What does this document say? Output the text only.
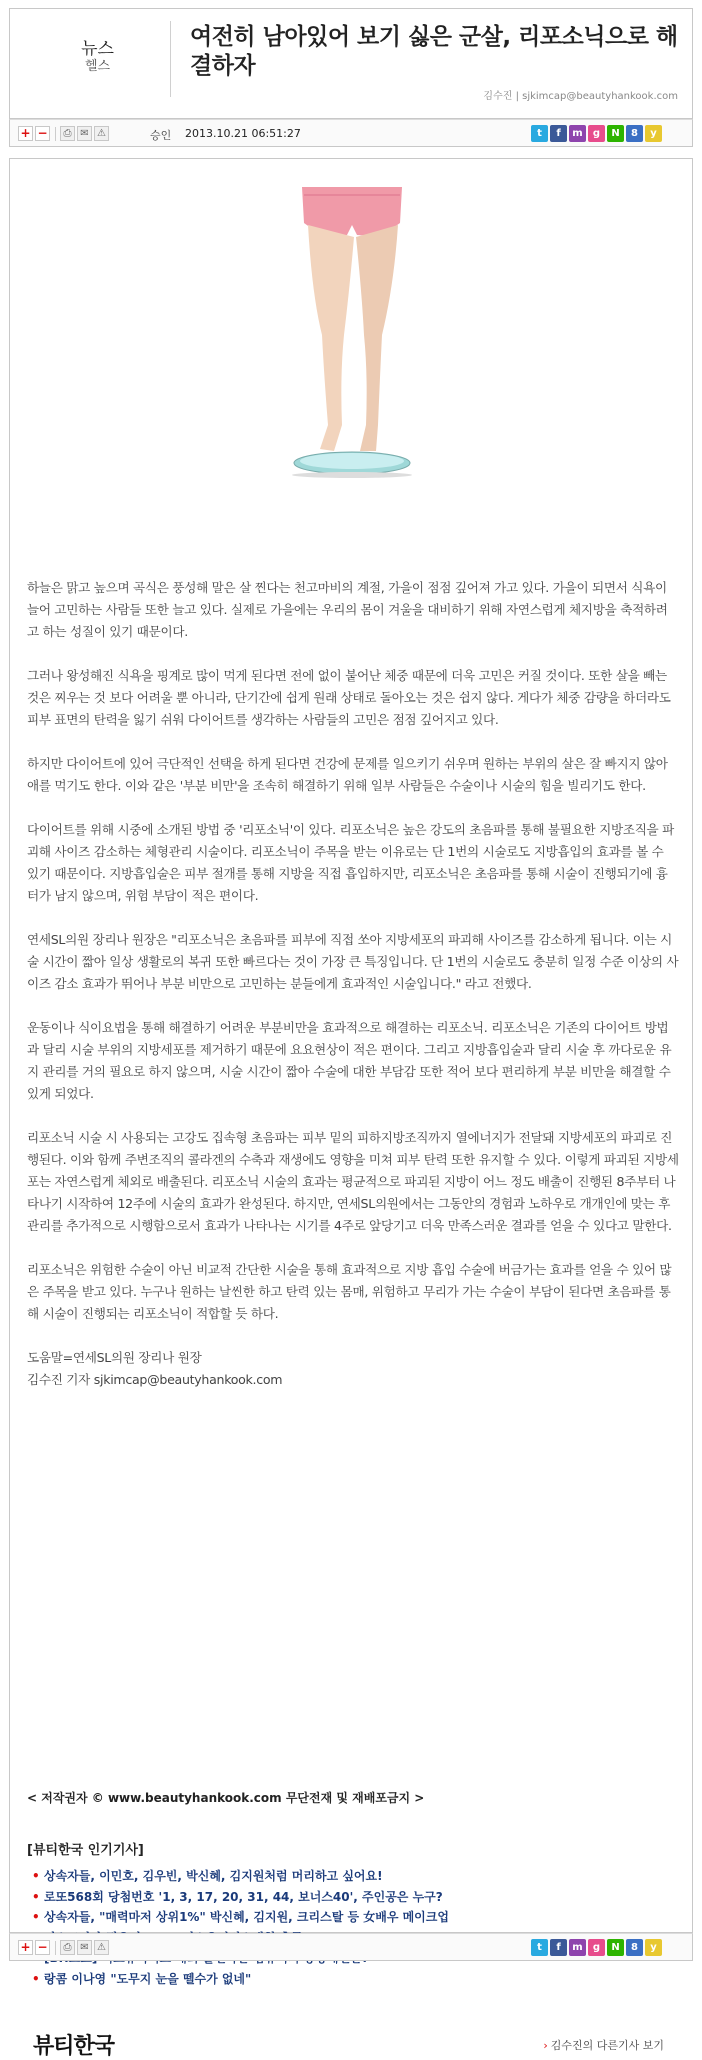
뉴스
헬스
여전히 남아있어 보기 싫은 군살, 리포소닉으로 해결하자
김수진 | sjkimcap@beautyhankook.com
+ −	⎙ ✉ ⚠	승인 2013.10.21 06:51:27	t	f	m	g	N	8	y

하늘은 맑고 높으며 곡식은 풍성해 말은 살 찐다는 천고마비의 계절, 가을이 점점 깊어져 가고 있다. 가을이 되면서 식욕이 늘어 고민하는 사람들 또한 늘고 있다. 실제로 가을에는 우리의 몸이 겨울을 대비하기 위해 자연스럽게 체지방을 축적하려고 하는 성질이 있기 때문이다.

그러나 왕성해진 식욕을 핑계로 많이 먹게 된다면 전에 없이 붙어난 체중 때문에 더욱 고민은 커질 것이다. 또한 살을 빼는 것은 찌우는 것 보다 어려울 뿐 아니라, 단기간에 쉽게 원래 상태로 돌아오는 것은 쉽지 않다. 게다가 체중 감량을 하더라도 피부 표면의 탄력을 잃기 쉬워 다이어트를 생각하는 사람들의 고민은 점점 깊어지고 있다.

하지만 다이어트에 있어 극단적인 선택을 하게 된다면 건강에 문제를 일으키기 쉬우며 원하는 부위의 살은 잘 빠지지 않아 애를 먹기도 한다. 이와 같은 '부분 비만'을 조속히 해결하기 위해 일부 사람들은 수술이나 시술의 힘을 빌리기도 한다.

다이어트를 위해 시중에 소개된 방법 중 '리포소닉'이 있다. 리포소닉은 높은 강도의 초음파를 통해 불필요한 지방조직을 파괴해 사이즈 감소하는 체형관리 시술이다. 리포소닉이 주목을 받는 이유로는 단 1번의 시술로도 지방흡입의 효과를 볼 수 있기 때문이다. 지방흡입술은 피부 절개를 통해 지방을 직접 흡입하지만, 리포소닉은 초음파를 통해 시술이 진행되기에 흉터가 남지 않으며, 위험 부담이 적은 편이다.

연세SL의원 장리나 원장은 "리포소닉은 초음파를 피부에 직접 쏘아 지방세포의 파괴해 사이즈를 감소하게 됩니다. 이는 시술 시간이 짧아 일상 생활로의 복귀 또한 빠르다는 것이 가장 큰 특징입니다. 단 1번의 시술로도 충분히 일정 수준 이상의 사이즈 감소 효과가 뛰어나 부분 비만으로 고민하는 분들에게 효과적인 시술입니다." 라고 전했다.

운동이나 식이요법을 통해 해결하기 어려운 부분비만을 효과적으로 해결하는 리포소닉. 리포소닉은 기존의 다이어트 방법과 달리 시술 부위의 지방세포를 제거하기 때문에 요요현상이 적은 편이다. 그리고 지방흡입술과 달리 시술 후 까다로운 유지 관리를 거의 필요로 하지 않으며, 시술 시간이 짧아 수술에 대한 부담감 또한 적어 보다 편리하게 부분 비만을 해결할 수 있게 되었다.

리포소닉 시술 시 사용되는 고강도 집속형 초음파는 피부 밑의 피하지방조직까지 열에너지가 전달돼 지방세포의 파괴로 진행된다. 이와 함께 주변조직의 콜라겐의 수축과 재생에도 영향을 미쳐 피부 탄력 또한 유지할 수 있다. 이렇게 파괴된 지방세포는 자연스럽게 체외로 배출된다. 리포소닉 시술의 효과는 평균적으로 파괴된 지방이 어느 정도 배출이 진행된 8주부터 나타나기 시작하여 12주에 시술의 효과가 완성된다. 하지만, 연세SL의원에서는 그동안의 경험과 노하우로 개개인에 맞는 후관리를 추가적으로 시행함으로서 효과가 나타나는 시기를 4주로 앞당기고 더욱 만족스러운 결과를 얻을 수 있다고 말한다.

리포소닉은 위험한 수술이 아닌 비교적 간단한 시술을 통해 효과적으로 지방 흡입 수술에 버금가는 효과를 얻을 수 있어 많은 주목을 받고 있다. 누구나 원하는 날씬한 하고 탄력 있는 몸매, 위험하고 무리가 가는 수술이 부담이 된다면 초음파를 통해 시술이 진행되는 리포소닉이 적합할 듯 하다.

도움말=연세SL의원 장리나 원장

김수진 기자 sjkimcap@beautyhankook.com

< 저작권자 © www.beautyhankook.com 무단전재 및 재배포금지 >
[뷰티한국 인기기사]
• 상속자들, 이민호, 김우빈, 박신혜, 김지원처럼 머리하고 싶어요!
• 로또568회 당첨번호 '1, 3, 17, 20, 31, 44, 보너스40', 주인공은 누구?
• 상속자들, "매력마저 상위1%" 박신혜, 김지원, 크리스탈 등 女배우 메이크업
•
•
• 랑콤 이나영 "도무지 눈을 뗄수가 없네"
뷰티한국	› 김수진의 다른기사 보기
+ −	⎙ ✉ ⚠	t	f	m	g	N	8	y
